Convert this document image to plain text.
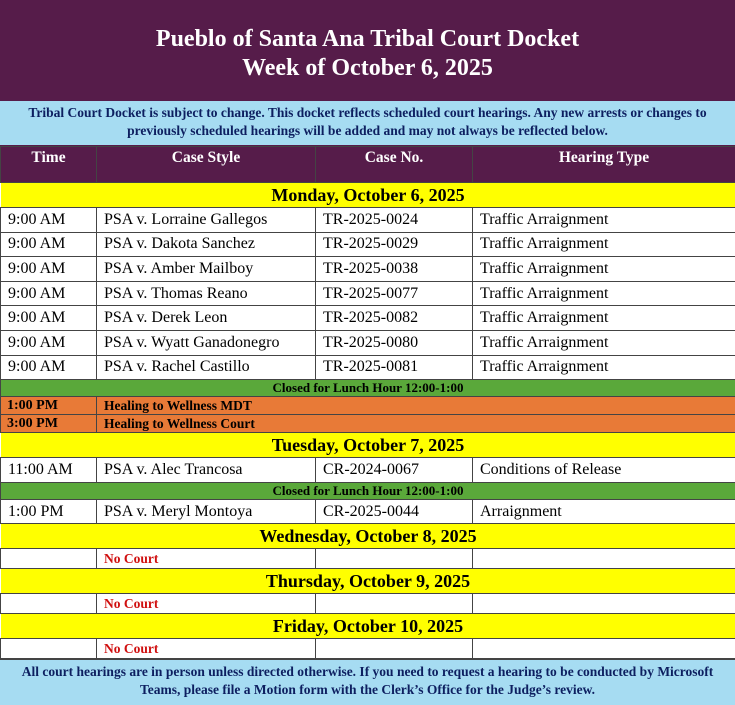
Pueblo of Santa Ana Tribal Court Docket
Week of October 6, 2025
Tribal Court Docket is subject to change. This docket reflects scheduled court hearings. Any new arrests or changes to previously scheduled hearings will be added and may not always be reflected below.
Time	Case Style	Case No.	Hearing Type
Monday, October 6, 2025			
9:00 AM	PSA v. Lorraine Gallegos	TR-2025-0024	Traffic Arraignment
9:00 AM	PSA v. Dakota Sanchez	TR-2025-0029	Traffic Arraignment
9:00 AM	PSA v. Amber Mailboy	TR-2025-0038	Traffic Arraignment
9:00 AM	PSA v. Thomas Reano	TR-2025-0077	Traffic Arraignment
9:00 AM	PSA v. Derek Leon	TR-2025-0082	Traffic Arraignment
9:00 AM	PSA v. Wyatt Ganadonegro	TR-2025-0080	Traffic Arraignment
9:00 AM	PSA v. Rachel Castillo	TR-2025-0081	Traffic Arraignment
Closed for Lunch Hour 12:00-1:00			
1:00 PM	Healing to Wellness MDT		
3:00 PM	Healing to Wellness Court		
Tuesday, October 7, 2025			
11:00 AM	PSA v. Alec Trancosa	CR-2024-0067	Conditions of Release
Closed for Lunch Hour 12:00-1:00			
1:00 PM	PSA v. Meryl Montoya	CR-2025-0044	Arraignment
Wednesday, October 8, 2025			
	No Court		
Thursday, October 9, 2025			
	No Court		
Friday, October 10, 2025			
	No Court		
All court hearings are in person unless directed otherwise. If you need to request a hearing to be conducted by Microsoft Teams, please file a Motion form with the Clerk’s Office for the Judge’s review.
